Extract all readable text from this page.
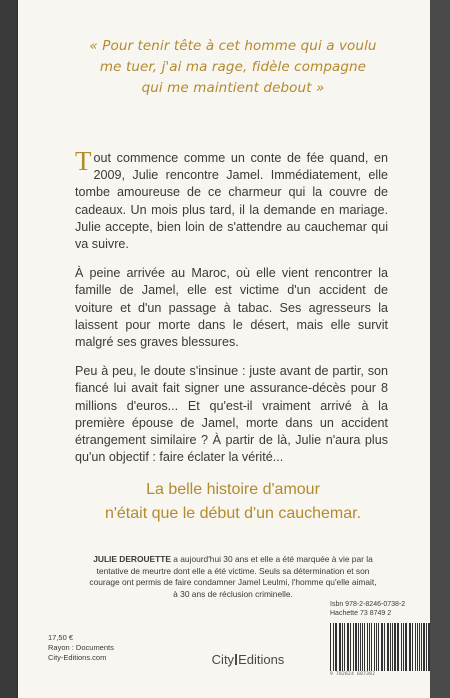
« Pour tenir tête à cet homme qui a voulu
me tuer, j'ai ma rage, fidèle compagne
qui me maintient debout »

Tout commence comme un conte de fée quand, en 2009, Julie rencontre Jamel. Immédiatement, elle tombe amoureuse de ce charmeur qui la couvre de cadeaux. Un mois plus tard, il la demande en mariage. Julie accepte, bien loin de s'attendre au cauchemar qui va suivre.

À peine arrivée au Maroc, où elle vient rencontrer la famille de Jamel, elle est victime d'un accident de voiture et d'un passage à tabac. Ses agresseurs la laissent pour morte dans le désert, mais elle survit malgré ses graves blessures.

Peu à peu, le doute s'insinue : juste avant de partir, son fiancé lui avait fait signer une assurance-décès pour 8 millions d'euros... Et qu'est-il vraiment arrivé à la première épouse de Jamel, morte dans un accident étrangement similaire ? À partir de là, Julie n'aura plus qu'un objectif : faire éclater la vérité...

La belle histoire d'amour
n'était que le début d'un cauchemar.
JULIE DEROUETTE a aujourd'hui 30 ans et elle a été marquée à vie par la tentative de meurtre dont elle a été victime. Seuls sa détermination et son courage ont permis de faire condamner Jamel Leulmi, l'homme qu'elle aimait, à 30 ans de réclusion criminelle.
17,50 €
Rayon : Documents
City-Editions.com	City Editions
Isbn 978-2-8246-0738-2
Hachette 73 8749 2
9 782824 607382
